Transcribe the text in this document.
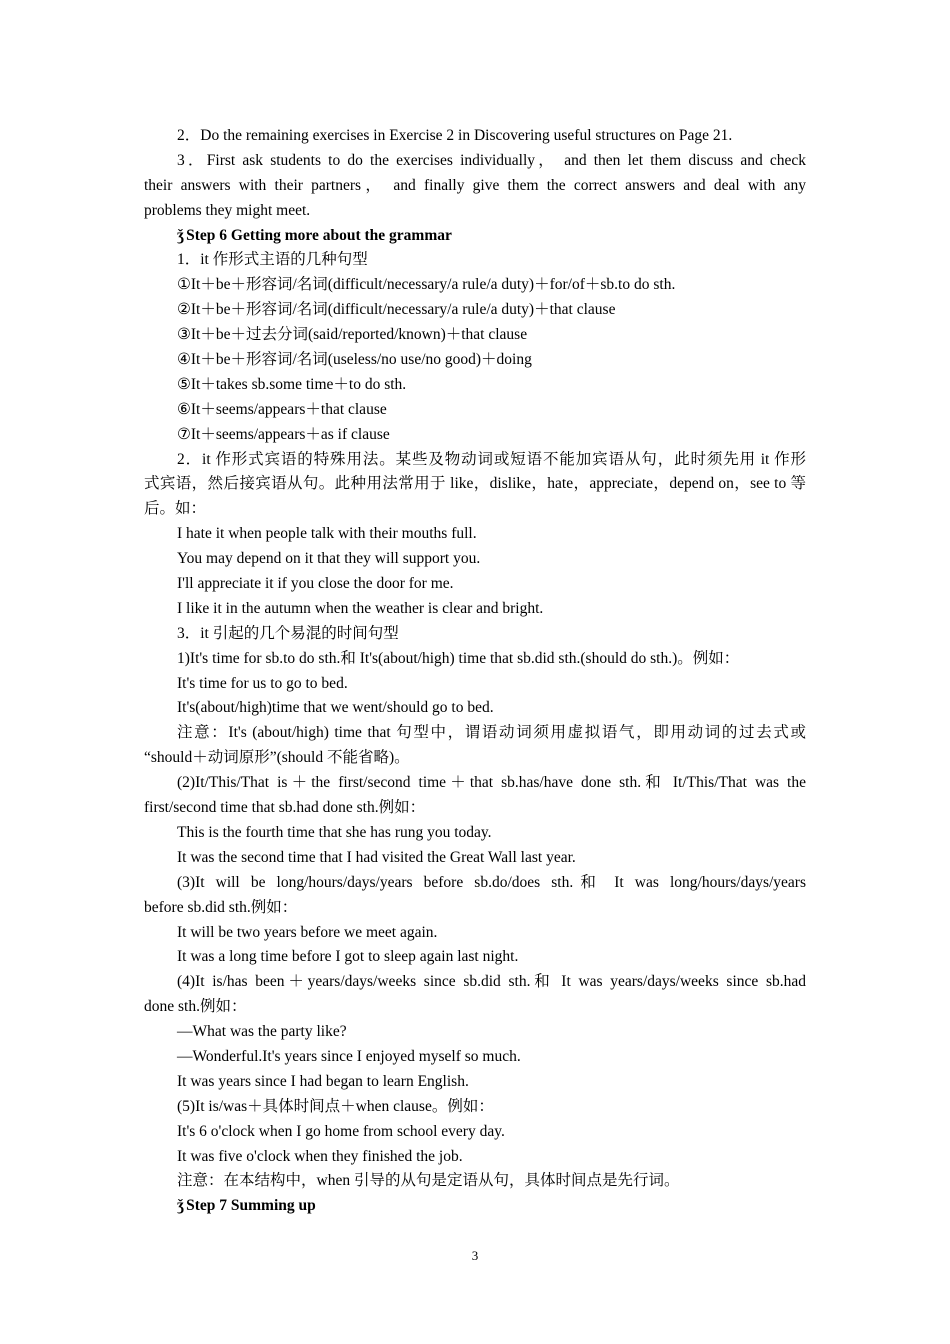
2．Do the remaining exercises in Exercise 2 in Discovering useful structures on Page 21.
3．First ask students to do the exercises individually， and then let them discuss and check
their answers with their partners， and finally give them the correct answers and deal with any
problems they might meet.
ǯ Step 6 Getting more about the grammar
1．it 作形式主语的几种句型
①It＋be＋形容词/名词(difficult/necessary/a rule/a duty)＋for/of＋sb.to do sth.
②It＋be＋形容词/名词(difficult/necessary/a rule/a duty)＋that clause
③It＋be＋过去分词(said/reported/known)＋that clause
④It＋be＋形容词/名词(useless/no use/no good)＋doing
⑤It＋takes sb.some time＋to do sth.
⑥It＋seems/appears＋that clause
⑦It＋seems/appears＋as if clause
2．it 作形式宾语的特殊用法。某些及物动词或短语不能加宾语从句，此时须先用 it 作形
式宾语，然后接宾语从句。此种用法常用于 like，dislike，hate，appreciate，depend on，see to 等
后。如：
I hate it when people talk with their mouths full.
You may depend on it that they will support you.
I'll appreciate it if you close the door for me.
I like it in the autumn when the weather is clear and bright.
3．it 引起的几个易混的时间句型
1)It's time for sb.to do sth.和 It's(about/high) time that sb.did sth.(should do sth.)。例如：
It's time for us to go to bed.
It's(about/high)time that we went/should go to bed.
注意：It's (about/high) time that 句型中，谓语动词须用虚拟语气，即用动词的过去式或
“should＋动词原形”(should 不能省略)。
(2)It/This/That is＋the first/second time＋that sb.has/have done sth.和 It/This/That was the
first/second time that sb.had done sth.例如：
This is the fourth time that she has rung you today.
It was the second time that I had visited the Great Wall last year.
(3)It will be long/hours/days/years before sb.do/does sth.和 It was long/hours/days/years
before sb.did sth.例如：
It will be two years before we meet again.
It was a long time before I got to sleep again last night.
(4)It is/has been＋years/days/weeks since sb.did sth.和 It was years/days/weeks since sb.had
done sth.例如：
—What was the party like?
—Wonderful.It's years since I enjoyed myself so much.
It was years since I had began to learn English.
(5)It is/was＋具体时间点＋when clause。例如：
It's 6 o'clock when I go home from school every day.
It was five o'clock when they finished the job.
注意：在本结构中，when 引导的从句是定语从句，具体时间点是先行词。
ǯ Step 7 Summing up
3
